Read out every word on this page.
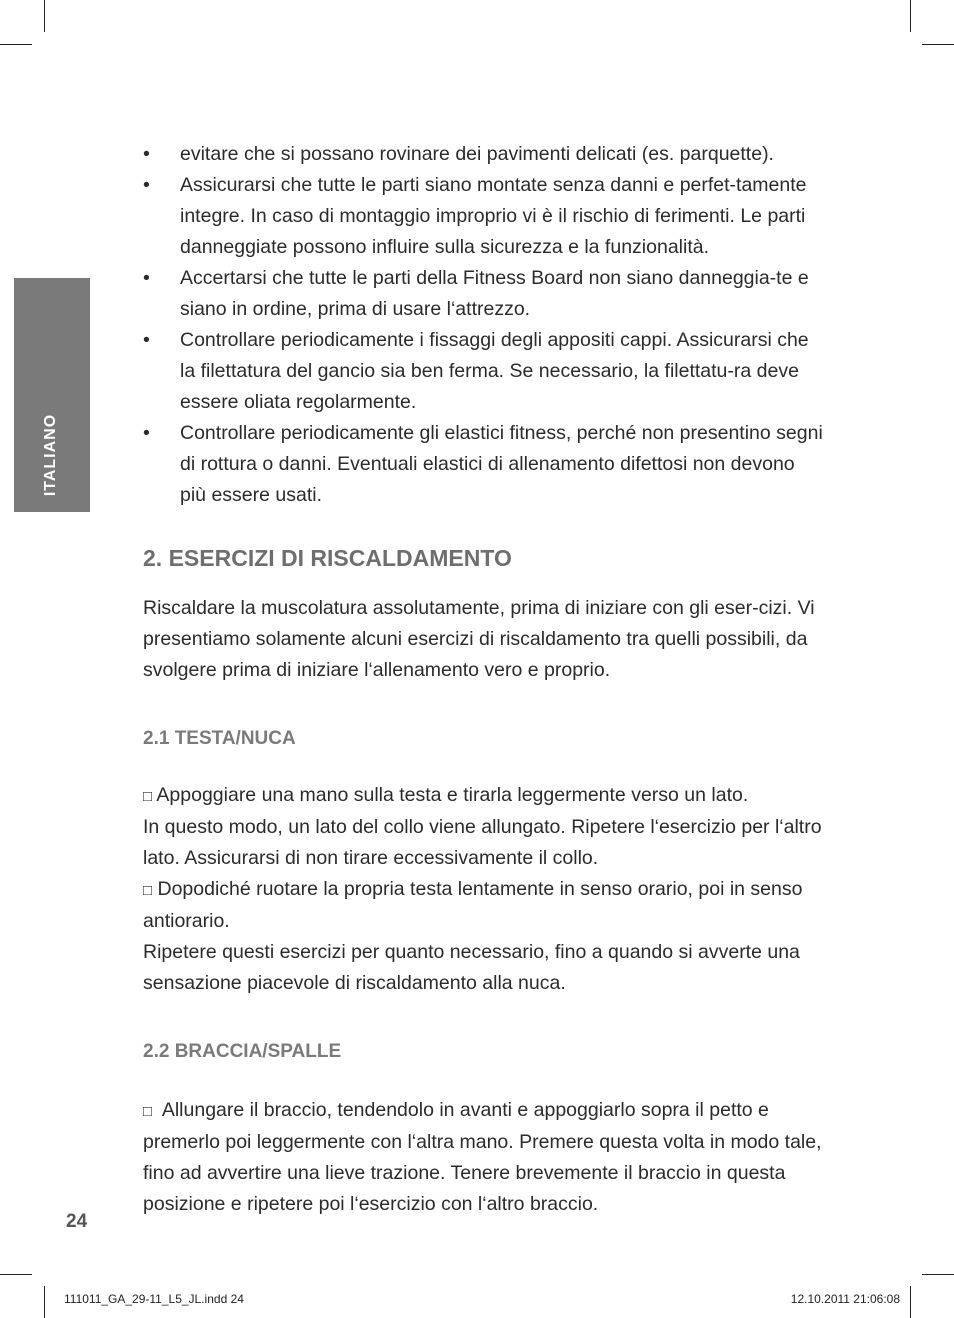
ITALIANO
• evitare che si possano rovinare dei pavimenti delicati (es. parquette).
• Assicurarsi che tutte le parti siano montate senza danni e perfet-tamente integre. In caso di montaggio improprio vi è il rischio di ferimenti. Le parti danneggiate possono influire sulla sicurezza e la funzionalità.
• Accertarsi che tutte le parti della Fitness Board non siano danneggia-te e siano in ordine, prima di usare l‘attrezzo.
• Controllare periodicamente i fissaggi degli appositi cappi. Assicurarsi che la filettatura del gancio sia ben ferma. Se necessario, la filettatu-ra deve essere oliata regolarmente.
• Controllare periodicamente gli elastici fitness, perché non presentino segni di rottura o danni. Eventuali elastici di allenamento difettosi non devono più essere usati.
2. ESERCIZI DI RISCALDAMENTO

Riscaldare la muscolatura assolutamente, prima di iniziare con gli eser-cizi. Vi presentiamo solamente alcuni esercizi di riscaldamento tra quelli possibili, da svolgere prima di iniziare l‘allenamento vero e proprio.

2.1 TESTA/NUCA

□ Appoggiare una mano sulla testa e tirarla leggermente verso un lato.

In questo modo, un lato del collo viene allungato. Ripetere l‘esercizio per l‘altro lato. Assicurarsi di non tirare eccessivamente il collo.

□ Dopodiché ruotare la propria testa lentamente in senso orario, poi in senso antiorario.

Ripetere questi esercizi per quanto necessario, fino a quando si avverte una sensazione piacevole di riscaldamento alla nuca.

2.2 BRACCIA/SPALLE

□ Allungare il braccio, tendendolo in avanti e appoggiarlo sopra il petto e premerlo poi leggermente con l‘altra mano. Premere questa volta in modo tale, fino ad avvertire una lieve trazione. Tenere brevemente il braccio in questa posizione e ripetere poi l‘esercizio con l‘altro braccio.

24
111011_GA_29-11_L5_JL.indd 24	12.10.2011 21:06:08
